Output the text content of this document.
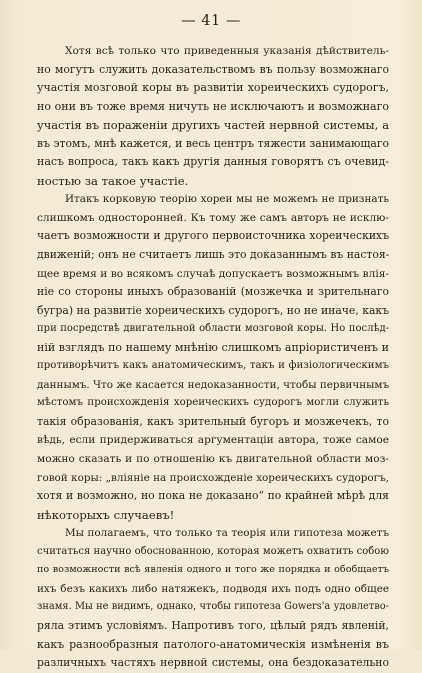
— 41 —
Хотя всѣ только что приведенныя указанія дѣйствитель-
но могутъ служить доказательствомъ въ пользу возможнаго
участія мозговой коры въ развитіи хореическихъ судорогъ,
но они въ тоже время ничуть не исключаютъ и возможнаго
участія въ пораженіи другихъ частей нервной системы, а
въ этомъ, мнѣ кажется, и весь центръ тяжести занимающаго
насъ вопроса, такъ какъ другія данныя говорятъ съ очевид-
ностью за такое участіе.
Итакъ корковую теорію хореи мы не можемъ не признать
слишкомъ односторонней. Къ тому же самъ авторъ не исклю-
чаетъ возможности и другого первоисточника хореическихъ
движеній; онъ не считаетъ лишь это доказаннымъ въ настоя-
щее время и во всякомъ случаѣ допускаетъ возможнымъ влія-
ніе со стороны иныхъ образованій (мозжечка и зрительнаго
бугра) на развитіе хореическихъ судорогъ, но не иначе, какъ
при посредствѣ двигательной области мозговой коры. Но послѣд-
ній взглядъ по нашему мнѣнію слишкомъ апріористиченъ и
противорѣчитъ какъ анатомическимъ, такъ и физіологическимъ
даннымъ. Что же касается недоказанности, чтобы первичнымъ
мѣстомъ происхожденія хореическихъ судорогъ могли служить
такія образованія, какъ зрительный бугоръ и мозжечекъ, то
вѣдь, если придерживаться аргументаціи автора, тоже самое
можно сказать и по отношенію къ двигательной области моз-
говой коры: „вліяніе на происхожденіе хореическихъ судорогъ,
хотя и возможно, но пока не доказано“ по крайней мѣрѣ для
нѣкоторыхъ случаевъ!
Мы полагаемъ, что только та теорія или гипотеза можетъ
считаться научно обоснованною, которая можетъ охватить собою
по возможности всѣ явленія одного и того же порядка и обобщаетъ
ихъ безъ какихъ либо натяжекъ, подводя ихъ подъ одно общее
знамя. Мы не видимъ, однако, чтобы гипотеза Gowers'а удовлетво-
ряла этимъ условіямъ. Напротивъ того, цѣлый рядъ явленій,
какъ разнообразныя патолого-анатомическія измѣненія въ
различныхъ частяхъ нервной системы, она бездоказательно
